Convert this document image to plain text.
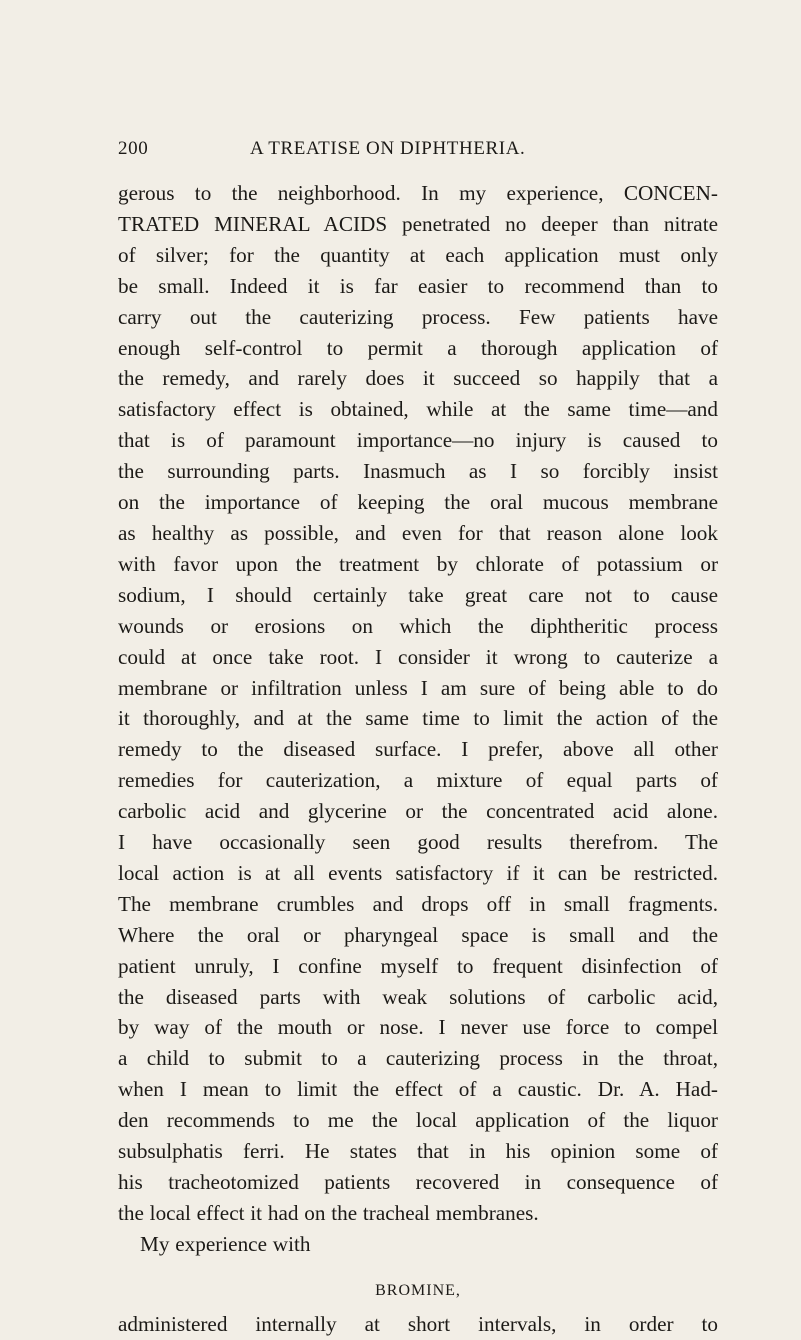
200	A TREATISE ON DIPHTHERIA.
gerous to the neighborhood. In my experience, CONCEN-
TRATED MINERAL ACIDS penetrated no deeper than nitrate
of silver; for the quantity at each application must only
be small. Indeed it is far easier to recommend than to
carry out the cauterizing process. Few patients have
enough self-control to permit a thorough application of
the remedy, and rarely does it succeed so happily that a
satisfactory effect is obtained, while at the same time—and
that is of paramount importance—no injury is caused to
the surrounding parts. Inasmuch as I so forcibly insist
on the importance of keeping the oral mucous membrane
as healthy as possible, and even for that reason alone look
with favor upon the treatment by chlorate of potassium or
sodium, I should certainly take great care not to cause
wounds or erosions on which the diphtheritic process
could at once take root. I consider it wrong to cauterize a
membrane or infiltration unless I am sure of being able to do
it thoroughly, and at the same time to limit the action of the
remedy to the diseased surface. I prefer, above all other
remedies for cauterization, a mixture of equal parts of
carbolic acid and glycerine or the concentrated acid alone.
I have occasionally seen good results therefrom. The
local action is at all events satisfactory if it can be restricted.
The membrane crumbles and drops off in small fragments.
Where the oral or pharyngeal space is small and the
patient unruly, I confine myself to frequent disinfection of
the diseased parts with weak solutions of carbolic acid,
by way of the mouth or nose. I never use force to compel
a child to submit to a cauterizing process in the throat,
when I mean to limit the effect of a caustic. Dr. A. Had-
den recommends to me the local application of the liquor
subsulphatis ferri. He states that in his opinion some of
his tracheotomized patients recovered in consequence of
the local effect it had on the tracheal membranes.
My experience with
BROMINE,
administered internally at short intervals, in order to
